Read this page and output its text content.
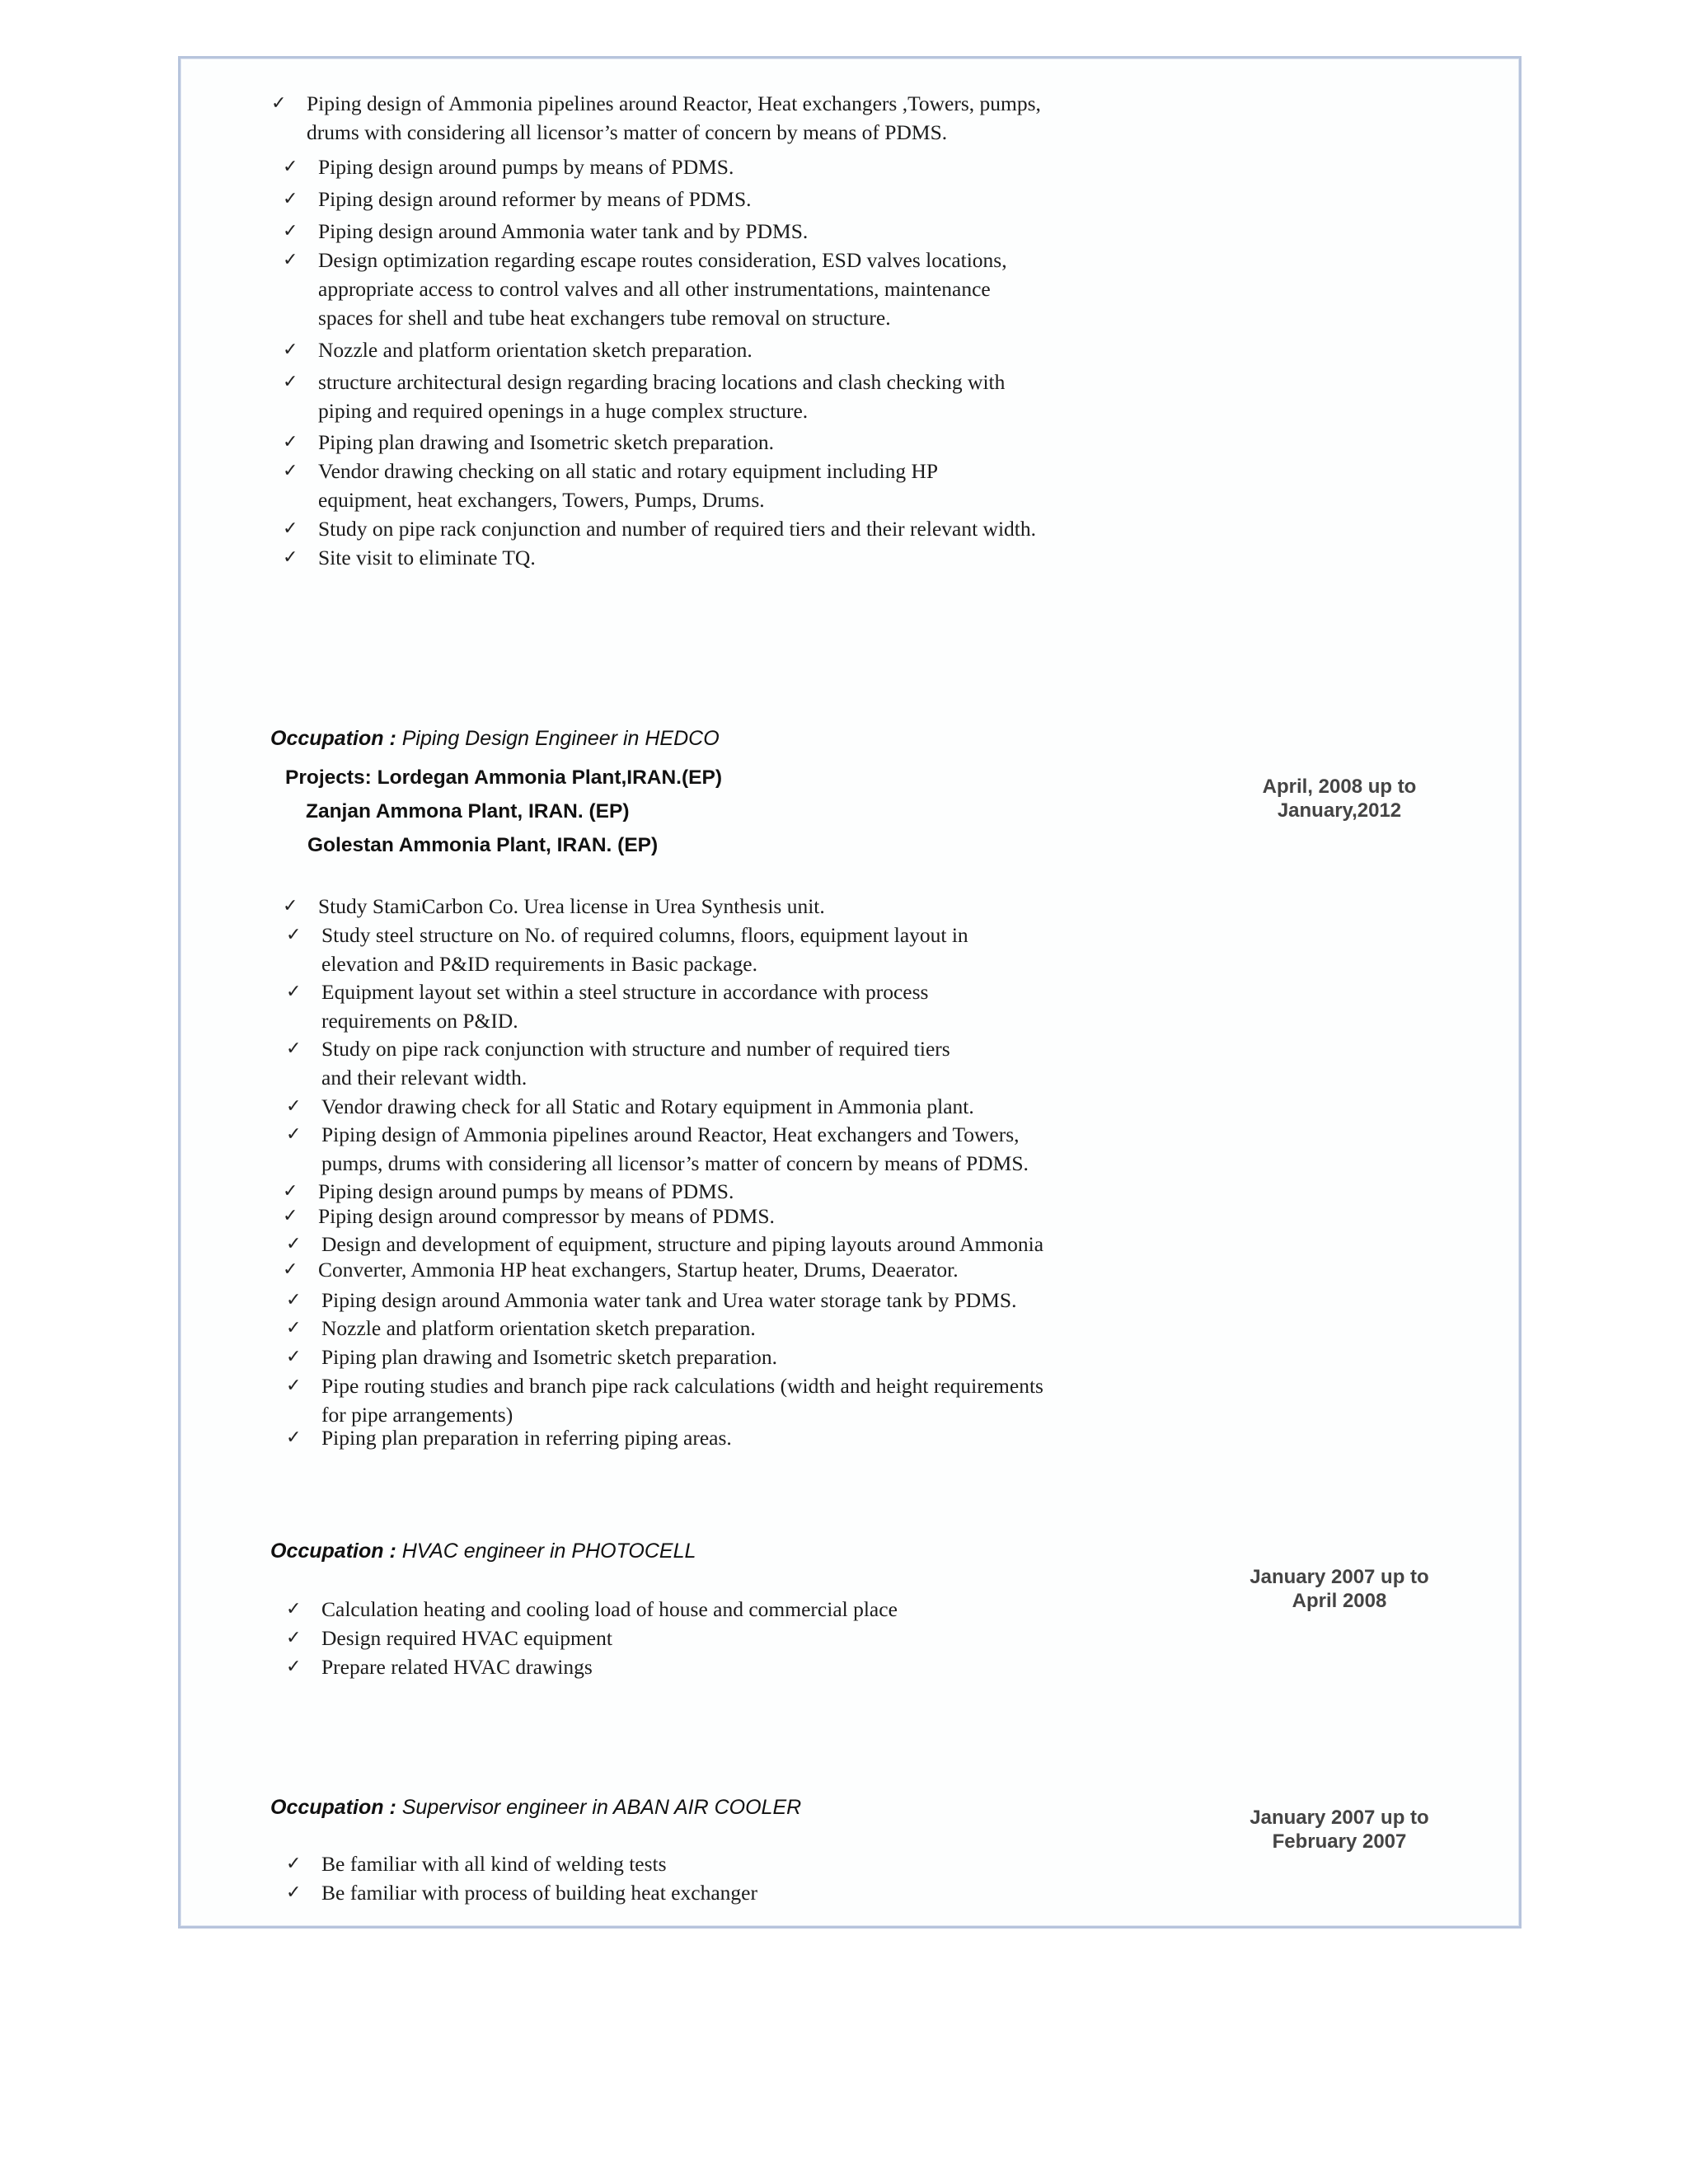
Occupation : Piping Design Engineer in HEDCO
Projects: Lordegan Ammonia Plant,IRAN.(EP)
Zanjan Ammona Plant, IRAN. (EP)
Golestan Ammonia Plant, IRAN. (EP)
April, 2008 up to
January,2012
Occupation : HVAC engineer in PHOTOCELL
January 2007 up to
April 2008
Occupation : Supervisor engineer in ABAN AIR COOLER	January 2007 up to
February 2007
✓ Piping design of Ammonia pipelines around Reactor, Heat exchangers ,Towers, pumps,
drums with considering all licensor’s matter of concern by means of PDMS.
✓ Piping design around pumps by means of PDMS.
✓ Piping design around reformer by means of PDMS.
✓ Piping design around Ammonia water tank and by PDMS.
✓ Design optimization regarding escape routes consideration, ESD valves locations,
appropriate access to control valves and all other instrumentations, maintenance
spaces for shell and tube heat exchangers tube removal on structure.
✓ Nozzle and platform orientation sketch preparation.
✓ structure architectural design regarding bracing locations and clash checking with
piping and required openings in a huge complex structure.
✓ Piping plan drawing and Isometric sketch preparation.
✓ Vendor drawing checking on all static and rotary equipment including HP
equipment, heat exchangers, Towers, Pumps, Drums.
✓ Study on pipe rack conjunction and number of required tiers and their relevant width.
✓ Site visit to eliminate TQ.
✓ Study StamiCarbon Co. Urea license in Urea Synthesis unit.
✓ Study steel structure on No. of required columns, floors, equipment layout in
elevation and P&ID requirements in Basic package.
✓ Equipment layout set within a steel structure in accordance with process
requirements on P&ID.
✓ Study on pipe rack conjunction with structure and number of required tiers
and their relevant width.
✓ Vendor drawing check for all Static and Rotary equipment in Ammonia plant.
✓ Piping design of Ammonia pipelines around Reactor, Heat exchangers and Towers,
pumps, drums with considering all licensor’s matter of concern by means of PDMS.
✓ Piping design around pumps by means of PDMS.
✓ Piping design around compressor by means of PDMS.
✓ Design and development of equipment, structure and piping layouts around Ammonia
✓ Converter, Ammonia HP heat exchangers, Startup heater, Drums, Deaerator.
✓ Piping design around Ammonia water tank and Urea water storage tank by PDMS.
✓ Nozzle and platform orientation sketch preparation.
✓ Piping plan drawing and Isometric sketch preparation.
✓ Pipe routing studies and branch pipe rack calculations (width and height requirements
for pipe arrangements)
✓ Piping plan preparation in referring piping areas.
✓ Calculation heating and cooling load of house and commercial place
✓ Design required HVAC equipment
✓ Prepare related HVAC drawings
✓ Be familiar with all kind of welding tests
✓ Be familiar with process of building heat exchanger
